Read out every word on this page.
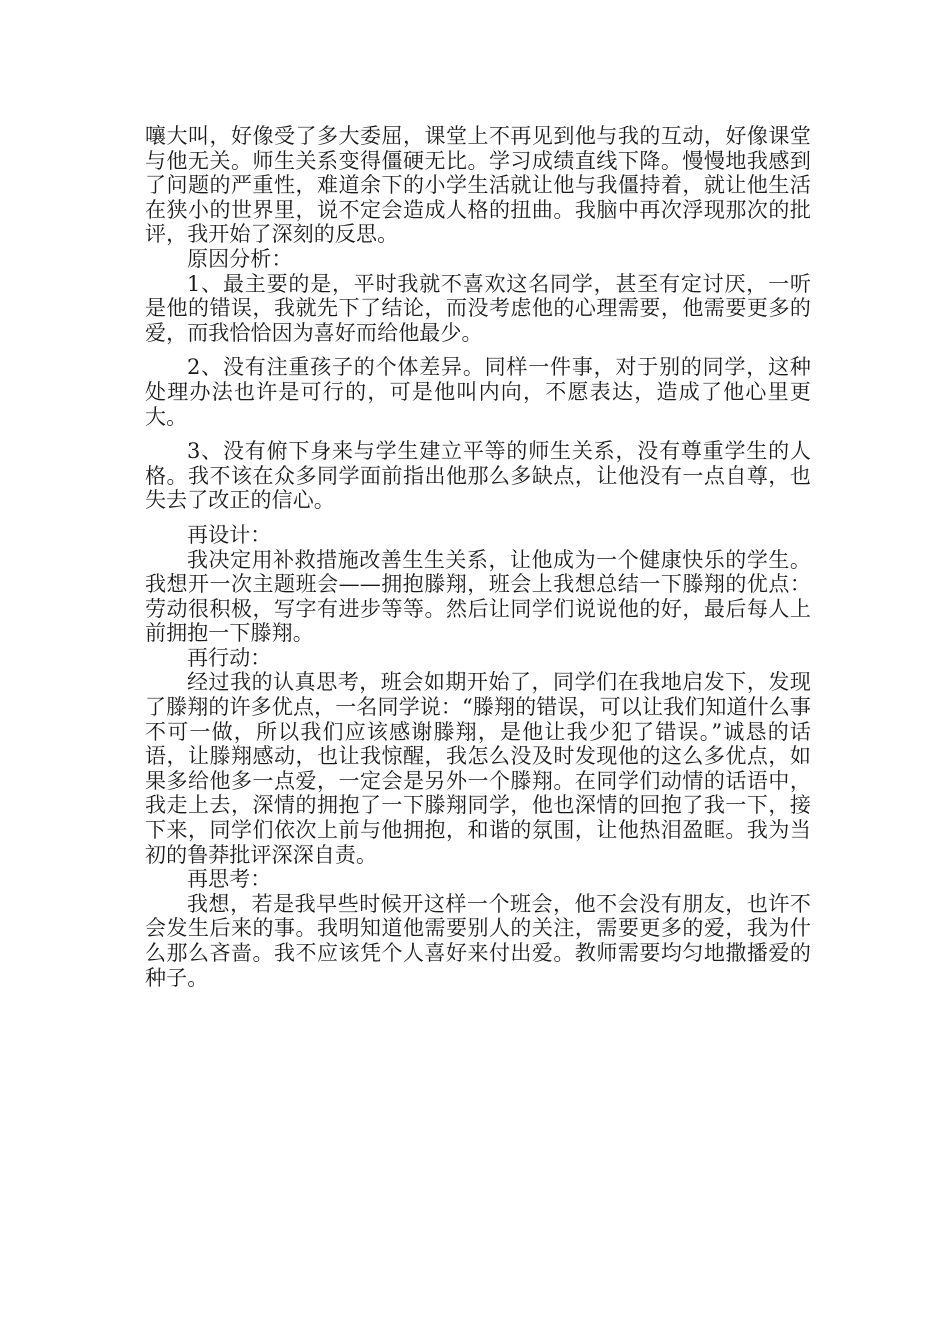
嚷大叫，好像受了多大委屈，课堂上不再见到他与我的互动，好像课堂与他无关。师生关系变得僵硬无比。学习成绩直线下降。慢慢地我感到了问题的严重性，难道余下的小学生活就让他与我僵持着，就让他生活在狭小的世界里，说不定会造成人格的扭曲。我脑中再次浮现那次的批评，我开始了深刻的反思。

原因分析：

1、最主要的是，平时我就不喜欢这名同学，甚至有定讨厌，一听是他的错误，我就先下了结论，而没考虑他的心理需要，他需要更多的爱，而我恰恰因为喜好而给他最少。

2、没有注重孩子的个体差异。同样一件事，对于别的同学，这种处理办法也许是可行的，可是他叫内向，不愿表达，造成了他心里更大。

3、没有俯下身来与学生建立平等的师生关系，没有尊重学生的人格。我不该在众多同学面前指出他那么多缺点，让他没有一点自尊，也失去了改正的信心。

再设计：

我决定用补救措施改善生生关系，让他成为一个健康快乐的学生。我想开一次主题班会——拥抱滕翔，班会上我想总结一下滕翔的优点：劳动很积极，写字有进步等等。然后让同学们说说他的好，最后每人上前拥抱一下滕翔。

再行动：

经过我的认真思考，班会如期开始了，同学们在我地启发下，发现了滕翔的许多优点，一名同学说：“滕翔的错误，可以让我们知道什么事不可一做，所以我们应该感谢滕翔，是他让我少犯了错误。”诚恳的话语，让滕翔感动，也让我惊醒，我怎么没及时发现他的这么多优点，如果多给他多一点爱，一定会是另外一个滕翔。在同学们动情的话语中，我走上去，深情的拥抱了一下滕翔同学，他也深情的回抱了我一下，接下来，同学们依次上前与他拥抱，和谐的氛围，让他热泪盈眶。我为当初的鲁莽批评深深自责。

再思考：

我想，若是我早些时候开这样一个班会，他不会没有朋友，也许不会发生后来的事。我明知道他需要别人的关注，需要更多的爱，我为什么那么吝啬。我不应该凭个人喜好来付出爱。教师需要均匀地撒播爱的种子。
